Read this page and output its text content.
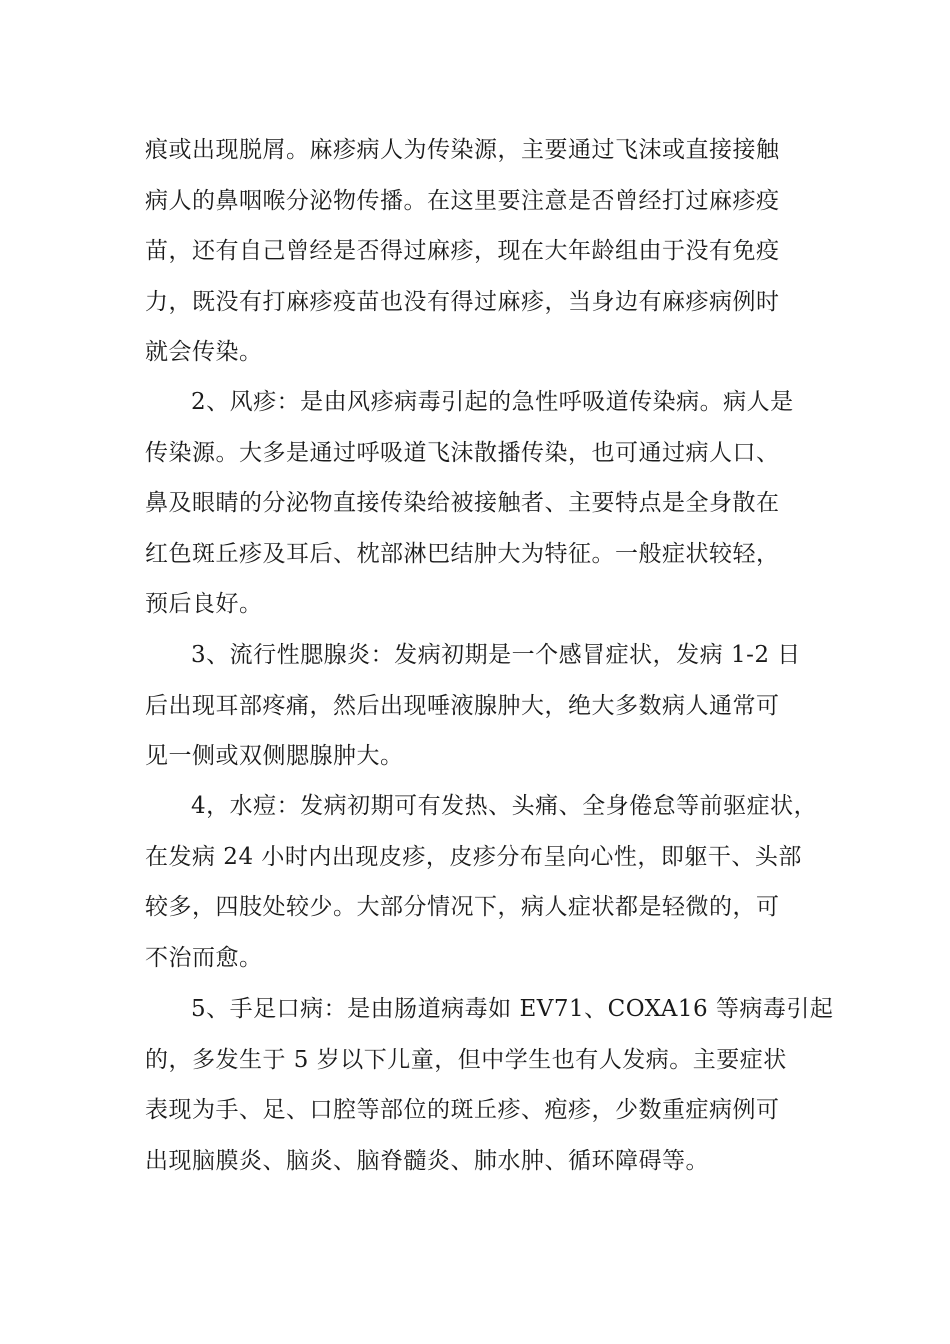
痕或出现脱屑。麻疹病人为传染源，主要通过飞沫或直接接触
病人的鼻咽喉分泌物传播。在这里要注意是否曾经打过麻疹疫
苗，还有自己曾经是否得过麻疹，现在大年龄组由于没有免疫
力，既没有打麻疹疫苗也没有得过麻疹，当身边有麻疹病例时
就会传染。
2、风疹：是由风疹病毒引起的急性呼吸道传染病。病人是
传染源。大多是通过呼吸道飞沫散播传染，也可通过病人口、
鼻及眼睛的分泌物直接传染给被接触者、主要特点是全身散在
红色斑丘疹及耳后、枕部淋巴结肿大为特征。一般症状较轻，
预后良好。
3、流行性腮腺炎：发病初期是一个感冒症状，发病 1-2 日
后出现耳部疼痛，然后出现唾液腺肿大，绝大多数病人通常可
见一侧或双侧腮腺肿大。
4，水痘：发病初期可有发热、头痛、全身倦怠等前驱症状，
在发病 24 小时内出现皮疹，皮疹分布呈向心性，即躯干、头部
较多，四肢处较少。大部分情况下，病人症状都是轻微的，可
不治而愈。
5、手足口病：是由肠道病毒如 EV71、COXA16 等病毒引起
的，多发生于 5 岁以下儿童，但中学生也有人发病。主要症状
表现为手、足、口腔等部位的斑丘疹、疱疹，少数重症病例可
出现脑膜炎、脑炎、脑脊髓炎、肺水肿、循环障碍等。
